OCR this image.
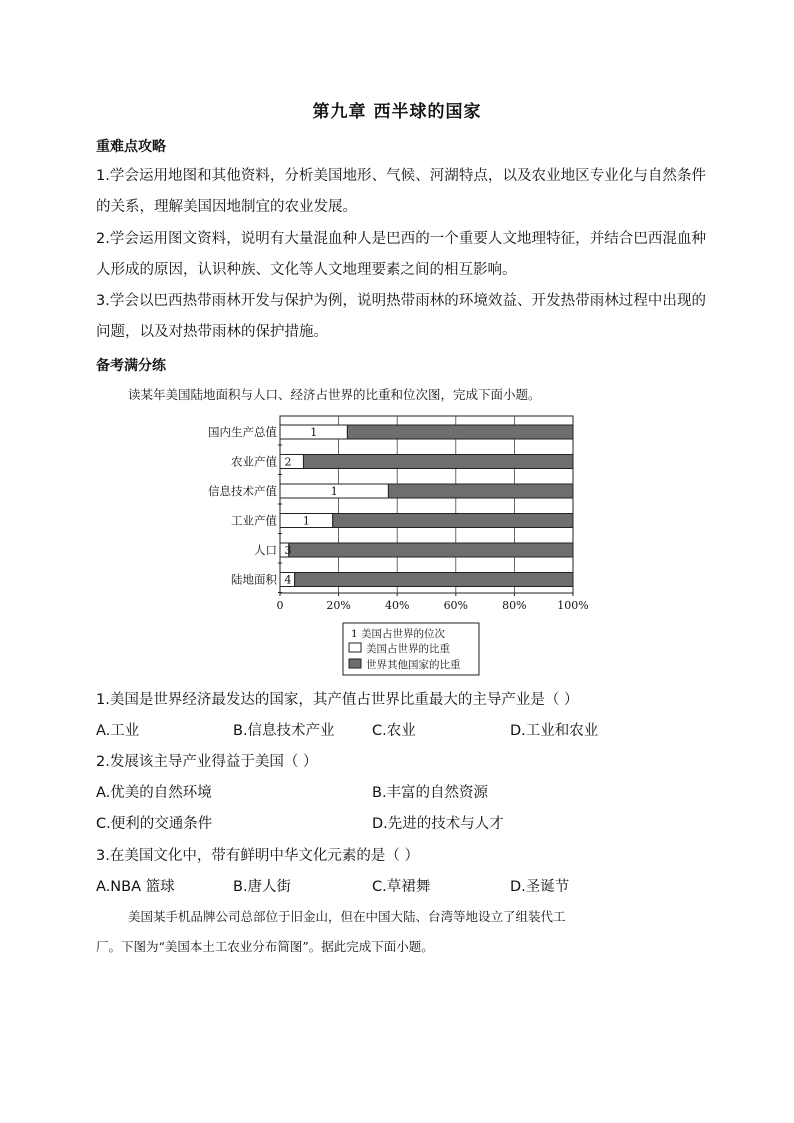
第九章 西半球的国家
重难点攻略
1.学会运用地图和其他资料，分析美国地形、气候、河湖特点，以及农业地区专业化与自然条件的关系，理解美国因地制宜的农业发展。
2.学会运用图文资料，说明有大量混血种人是巴西的一个重要人文地理特征，并结合巴西混血种人形成的原因，认识种族、文化等人文地理要素之间的相互影响。
3.学会以巴西热带雨林开发与保护为例，说明热带雨林的环境效益、开发热带雨林过程中出现的问题，以及对热带雨林的保护措施。
备考满分练
读某年美国陆地面积与人口、经济占世界的比重和位次图，完成下面小题。
0	20%	40%	60%	80%	100%
国内生产总值	1
农业产值 2
信息技术产值	1
工业产值 1
人口 3
陆地面积 4
1 美国占世界的位次
美国占世界的比重
世界其他国家的比重
1.美国是世界经济最发达的国家，其产值占世界比重最大的主导产业是（ ）
A.工业	B.信息技术产业	C.农业	D.工业和农业
2.发展该主导产业得益于美国（ ）
A.优美的自然环境	B.丰富的自然资源
C.便利的交通条件	D.先进的技术与人才
3.在美国文化中，带有鲜明中华文化元素的是（ ）
A.NBA 篮球	B.唐人街	C.草裙舞	D.圣诞节
美国某手机品牌公司总部位于旧金山，但在中国大陆、台湾等地设立了组装代工
厂。下图为“美国本土工农业分布简图”。据此完成下面小题。
